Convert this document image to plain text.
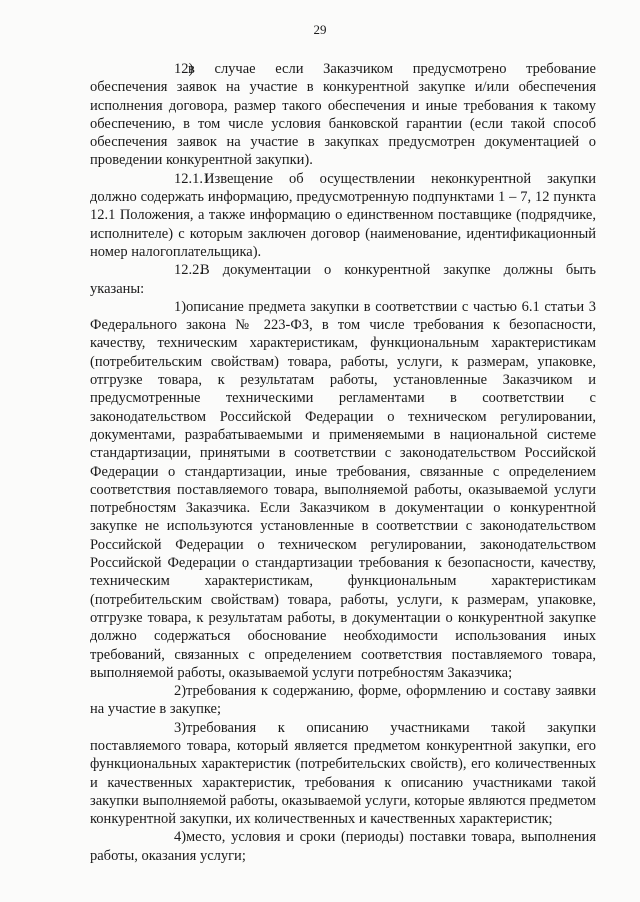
29

12)в случае если Заказчиком предусмотрено требование обеспечения заявок на участие в конкурентной закупке и/или обеспечения исполнения договора, размер такого обеспечения и иные требования к такому обеспечению, в том числе условия банковской гарантии (если такой способ обеспечения заявок на участие в закупках предусмотрен документацией о проведении конкурентной закупки).

12.1.1.Извещение об осуществлении неконкурентной закупки должно содержать информацию, предусмотренную подпунктами 1 – 7, 12 пункта 12.1 Положения, а также информацию о единственном поставщике (подрядчике, исполнителе) с которым заключен договор (наименование, идентификационный номер налогоплательщика).

12.2.В документации о конкурентной закупке должны быть указаны:

1)описание предмета закупки в соответствии с частью 6.1 статьи 3 Федерального закона № 223-ФЗ, в том числе требования к безопасности, качеству, техническим характеристикам, функциональным характеристикам (потребительским свойствам) товара, работы, услуги, к размерам, упаковке, отгрузке товара, к результатам работы, установленные Заказчиком и предусмотренные техническими регламентами в соответствии с законодательством Российской Федерации о техническом регулировании, документами, разрабатываемыми и применяемыми в национальной системе стандартизации, принятыми в соответствии с законодательством Российской Федерации о стандартизации, иные требования, связанные с определением соответствия поставляемого товара, выполняемой работы, оказываемой услуги потребностям Заказчика. Если Заказчиком в документации о конкурентной закупке не используются установленные в соответствии с законодательством Российской Федерации о техническом регулировании, законодательством Российской Федерации о стандартизации требования к безопасности, качеству, техническим характеристикам, функциональным характеристикам (потребительским свойствам) товара, работы, услуги, к размерам, упаковке, отгрузке товара, к результатам работы, в документации о конкурентной закупке должно содержаться обоснование необходимости использования иных требований, связанных с определением соответствия поставляемого товара, выполняемой работы, оказываемой услуги потребностям Заказчика;

2)требования к содержанию, форме, оформлению и составу заявки на участие в закупке;

3)требования к описанию участниками такой закупки поставляемого товара, который является предметом конкурентной закупки, его функциональных характеристик (потребительских свойств), его количественных и качественных характеристик, требования к описанию участниками такой закупки выполняемой работы, оказываемой услуги, которые являются предметом конкурентной закупки, их количественных и качественных характеристик;

4)место, условия и сроки (периоды) поставки товара, выполнения работы, оказания услуги;
